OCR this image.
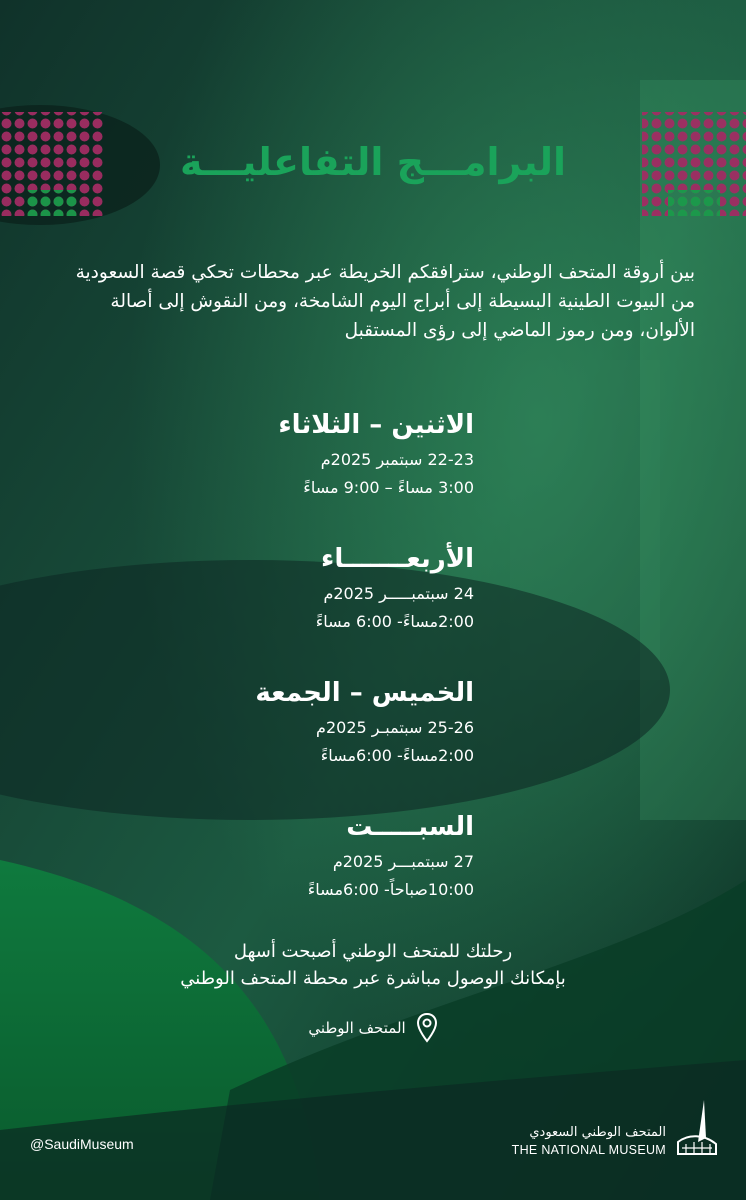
البرامـــج التفاعليـــة
بين أروقة المتحف الوطني، سترافقكم الخريطة عبر محطات تحكي قصة السعودية من البيوت الطينية البسيطة إلى أبراج اليوم الشامخة، ومن النقوش إلى أصالة الألوان، ومن رموز الماضي إلى رؤى المستقبل
الاثنين – الثلاثاء
22-23 سبتمبر 2025م
3:00 مساءً – 9:00 مساءً
الأربعـــــــاء
24 سبتمبـــــر 2025م
2:00مساءً- 6:00 مساءً
الخميس – الجمعة
25-26 سبتمبـر 2025م
2:00مساءً- 6:00مساءً
السبـــــت
27 سبتمبـــر 2025م
10:00صباحاً- 6:00مساءً
رحلتك للمتحف الوطني أصبحت أسهل
بإمكانك الوصول مباشرة عبر محطة المتحف الوطني
المتحف الوطني
@SaudiMuseum
المتحف الوطني السعودي
THE NATIONAL MUSEUM
